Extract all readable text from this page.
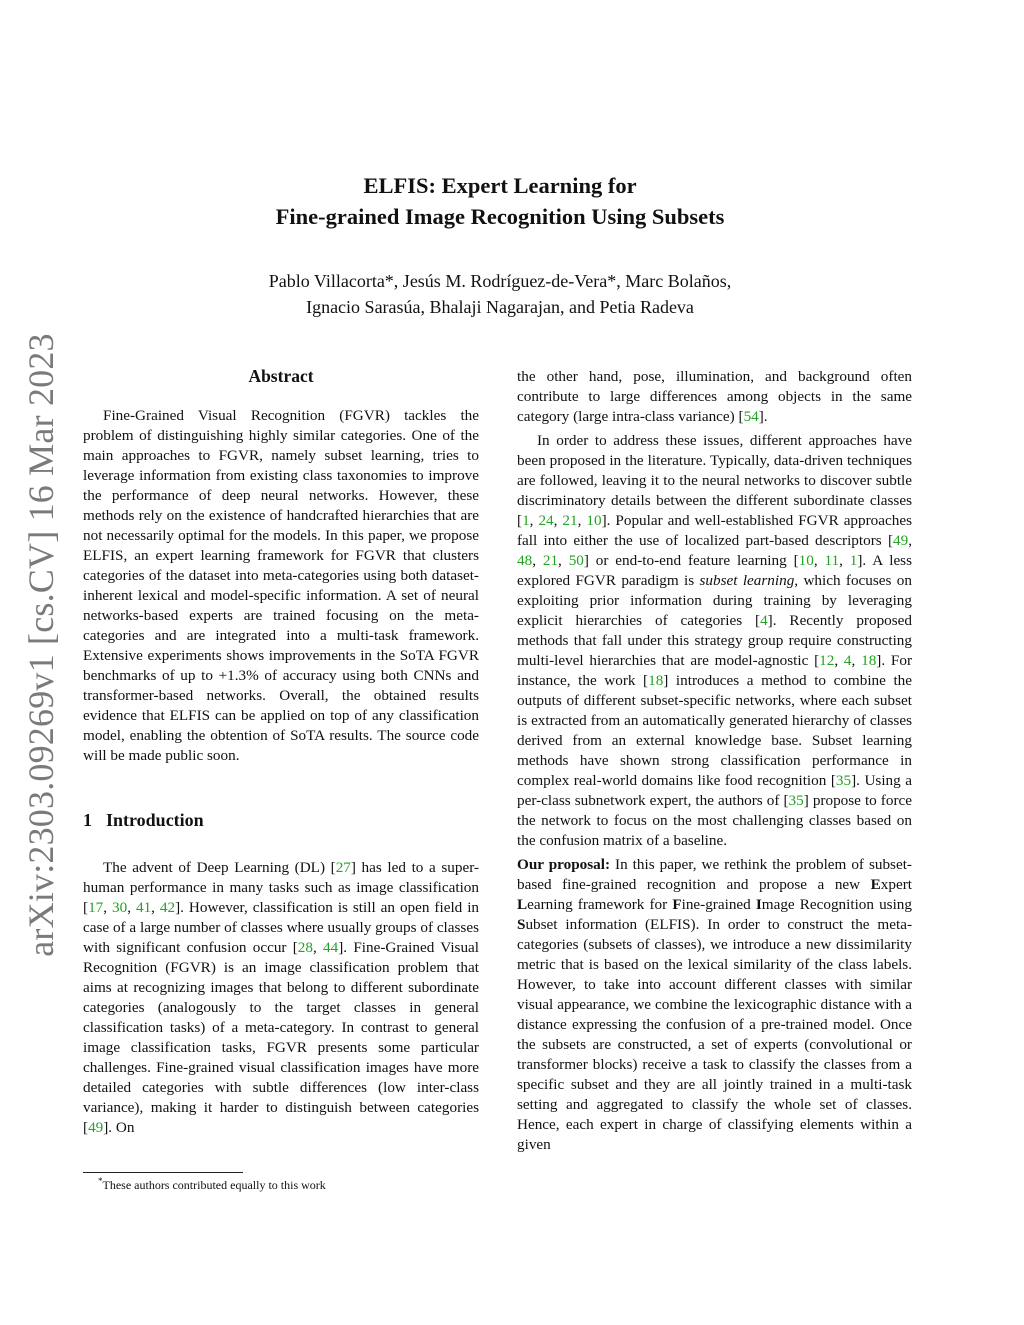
arXiv:2303.09269v1 [cs.CV] 16 Mar 2023
ELFIS: Expert Learning for
Fine-grained Image Recognition Using Subsets
Pablo Villacorta*, Jesús M. Rodríguez-de-Vera*, Marc Bolaños,
Ignacio Sarasúa, Bhalaji Nagarajan, and Petia Radeva
Abstract

Fine-Grained Visual Recognition (FGVR) tackles the problem of distinguishing highly similar categories. One of the main approaches to FGVR, namely subset learning, tries to leverage information from existing class taxonomies to improve the performance of deep neural networks. However, these methods rely on the existence of handcrafted hierarchies that are not necessarily optimal for the models. In this paper, we propose ELFIS, an expert learning framework for FGVR that clusters categories of the dataset into meta-categories using both dataset-inherent lexical and model-specific information. A set of neural networks-based experts are trained focusing on the meta-categories and are integrated into a multi-task framework. Extensive experiments shows improvements in the SoTA FGVR benchmarks of up to +1.3% of accuracy using both CNNs and transformer-based networks. Overall, the obtained results evidence that ELFIS can be applied on top of any classification model, enabling the obtention of SoTA results. The source code will be made public soon.

1 Introduction

The advent of Deep Learning (DL) [27] has led to a super-human performance in many tasks such as image classification [17, 30, 41, 42]. However, classification is still an open field in case of a large number of classes where usually groups of classes with significant confusion occur [28, 44]. Fine-Grained Visual Recognition (FGVR) is an image classification problem that aims at recognizing images that belong to different subordinate categories (analogously to the target classes in general classification tasks) of a meta-category. In contrast to general image classification tasks, FGVR presents some particular challenges. Fine-grained visual classification images have more detailed categories with subtle differences (low inter-class variance), making it harder to distinguish between categories [49]. On

the other hand, pose, illumination, and background often contribute to large differences among objects in the same category (large intra-class variance) [54].

In order to address these issues, different approaches have been proposed in the literature. Typically, data-driven techniques are followed, leaving it to the neural networks to discover subtle discriminatory details between the different subordinate classes [1, 24, 21, 10]. Popular and well-established FGVR approaches fall into either the use of localized part-based descriptors [49, 48, 21, 50] or end-to-end feature learning [10, 11, 1]. A less explored FGVR paradigm is subset learning, which focuses on exploiting prior information during training by leveraging explicit hierarchies of categories [4]. Recently proposed methods that fall under this strategy group require constructing multi-level hierarchies that are model-agnostic [12, 4, 18]. For instance, the work [18] introduces a method to combine the outputs of different subset-specific networks, where each subset is extracted from an automatically generated hierarchy of classes derived from an external knowledge base. Subset learning methods have shown strong classification performance in complex real-world domains like food recognition [35]. Using a per-class subnetwork expert, the authors of [35] propose to force the network to focus on the most challenging classes based on the confusion matrix of a baseline.

Our proposal: In this paper, we rethink the problem of subset-based fine-grained recognition and propose a new Expert Learning framework for Fine-grained Image Recognition using Subset information (ELFIS). In order to construct the meta-categories (subsets of classes), we introduce a new dissimilarity metric that is based on the lexical similarity of the class labels. However, to take into account different classes with similar visual appearance, we combine the lexicographic distance with a distance expressing the confusion of a pre-trained model. Once the subsets are constructed, a set of experts (convolutional or transformer blocks) receive a task to classify the classes from a specific subset and they are all jointly trained in a multi-task setting and aggregated to classify the whole set of classes. Hence, each expert in charge of classifying elements within a given

*These authors contributed equally to this work
